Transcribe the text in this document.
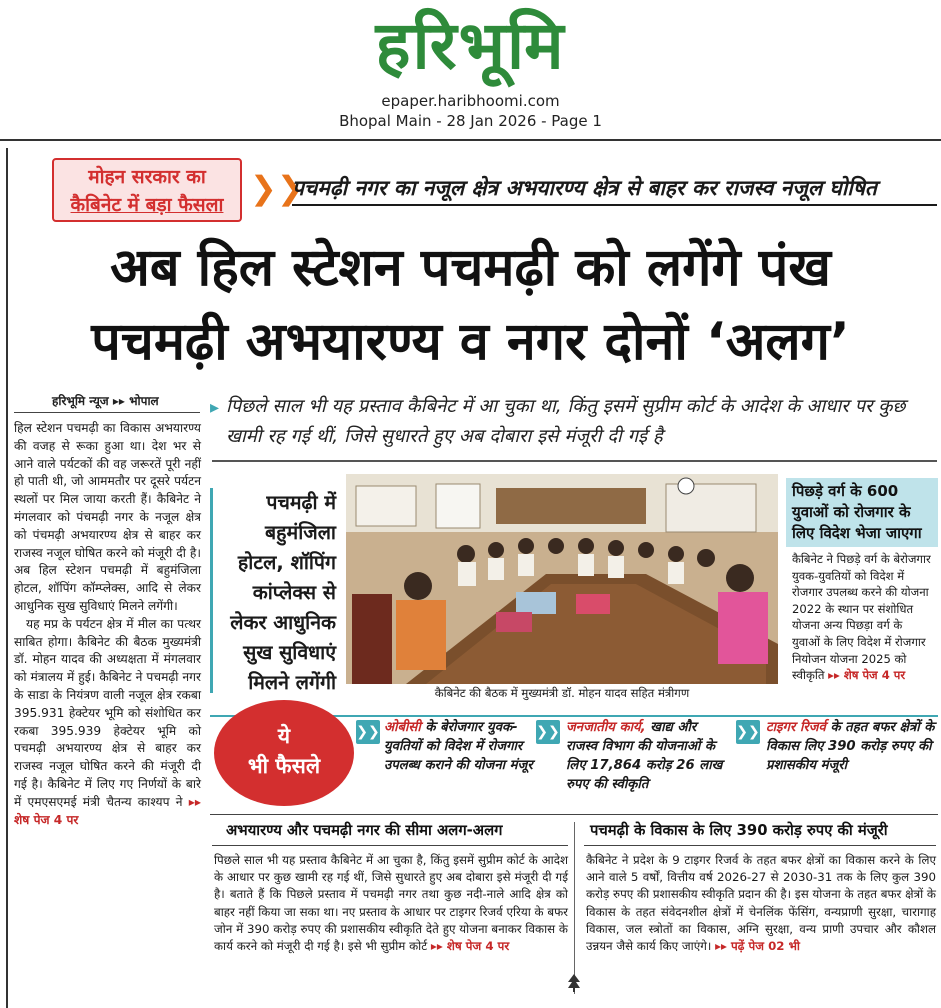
हरिभूमि
epaper.haribhoomi.com
Bhopal Main - 28 Jan 2026 - Page 1
मोहन सरकार का
कैबिनेट में बड़ा फैसला ❯❯
पचमढ़ी नगर का नजूल क्षेत्र अभयारण्य क्षेत्र से बाहर कर राजस्व नजूल घोषित
अब हिल स्टेशन पचमढ़ी को लगेंगे पंख
पचमढ़ी अभयारण्य व नगर दोनों ‘अलग’
हरिभूमि न्यूज ▸▸ भोपाल

हिल स्टेशन पचमढ़ी का विकास अभयारण्य की वजह से रूका हुआ था। देश भर से आने वाले पर्यटकों की वह जरूरतें पूरी नहीं हो पाती थी, जो आममतौर पर दूसरे पर्यटन स्थलों पर मिल जाया करती हैं। कैबिनेट ने मंगलवार को पंचमढ़ी नगर के नजूल क्षेत्र को पंचमढ़ी अभयारण्य क्षेत्र से बाहर कर राजस्व नजूल घोषित करने को मंजूरी दी है। अब हिल स्टेशन पचमढ़ी में बहुमंजिला होटल, शॉपिंग कॉम्प्लेक्स, आदि से लेकर आधुनिक सुख सुविधाएं मिलने लगेंगी।

यह मप्र के पर्यटन क्षेत्र में मील का पत्थर साबित होगा। कैबिनेट की बैठक मुख्यमंत्री डॉ. मोहन यादव की अध्यक्षता में मंगलवार को मंत्रालय में हुई। कैबिनेट ने पचमढ़ी नगर के साडा के नियंत्रण वाली नजूल क्षेत्र रकबा 395.931 हेक्टेयर भूमि को संशोधित कर रकबा 395.939 हेक्टेयर भूमि को पचमढ़ी अभयारण्य क्षेत्र से बाहर कर राजस्व नजूल घोषित करने की मंजूरी दी गई है। कैबिनेट में लिए गए निर्णयों के बारे में एमएसएमई मंत्री चैतन्य काश्यप ने ▸▸ शेष पेज 4 पर

▸ पिछले साल भी यह प्रस्ताव कैबिनेट में आ चुका था, किंतु इसमें सुप्रीम कोर्ट के आदेश के आधार पर कुछ खामी रह गई थीं, जिसे सुधारते हुए अब दोबारा इसे मंजूरी दी गई है
पचमढ़ी में बहुमंजिला होटल, शॉपिंग कांप्लेक्स से लेकर आधुनिक सुख सुविधाएं मिलने लगेंगी	कैबिनेट की बैठक में मुख्यमंत्री डॉ. मोहन यादव सहित मंत्रीगण
पिछड़े वर्ग के 600 युवाओं को रोजगार के लिए विदेश भेजा जाएगा
कैबिनेट ने पिछड़े वर्ग के बेरोजगार युवक-युवतियों को विदेश में रोजगार उपलब्ध करने की योजना 2022 के स्थान पर संशोधित योजना अन्य पिछड़ा वर्ग के युवाओं के लिए विदेश में रोजगार नियोजन योजना 2025 को स्वीकृति ▸▸ शेष पेज 4 पर
ये
भी फैसले
❯❯ ओबीसी के बेरोजगार युवक-युवतियों को विदेश में रोजगार उपलब्ध कराने की योजना मंजूर
❯❯ जनजातीय कार्य, खाद्य और राजस्व विभाग की योजनाओं के लिए 17,864 करोड़ 26 लाख रुपए की स्वीकृति
❯❯ टाइगर रिजर्व के तहत बफर क्षेत्रों के विकास लिए 390 करोड़ रुपए की प्रशासकीय मंजूरी
अभयारण्य और पचमढ़ी नगर की सीमा अलग-अलग
पिछले साल भी यह प्रस्ताव कैबिनेट में आ चुका है, किंतु इसमें सुप्रीम कोर्ट के आदेश के आधार पर कुछ खामी रह गई थीं, जिसे सुधारते हुए अब दोबारा इसे मंजूरी दी गई है। बताते हैं कि पिछले प्रस्ताव में पचमढ़ी नगर तथा कुछ नदी-नाले आदि क्षेत्र को बाहर नहीं किया जा सका था। नए प्रस्ताव के आधार पर टाइगर रिजर्व एरिया के बफर जोन में 390 करोड़ रुपए की प्रशासकीय स्वीकृति देते हुए योजना बनाकर विकास के कार्य करने को मंजूरी दी गई है। इसे भी सुप्रीम कोर्ट ▸▸ शेष पेज 4 पर
पचमढ़ी के विकास के लिए 390 करोड़ रुपए की मंजूरी
कैबिनेट ने प्रदेश के 9 टाइगर रिजर्व के तहत बफर क्षेत्रों का विकास करने के लिए आने वाले 5 वर्षों, वित्तीय वर्ष 2026-27 से 2030-31 तक के लिए कुल 390 करोड़ रुपए की प्रशासकीय स्वीकृति प्रदान की है। इस योजना के तहत बफर क्षेत्रों के विकास के तहत संवेदनशील क्षेत्रों में चेनलिंक फेंसिंग, वन्यप्राणी सुरक्षा, चारागाह विकास, जल स्त्रोतों का विकास, अग्नि सुरक्षा, वन्य प्राणी उपचार और कौशल उन्नयन जैसे कार्य किए जाएंगे। ▸▸ पढ़ें पेज 02 भी
